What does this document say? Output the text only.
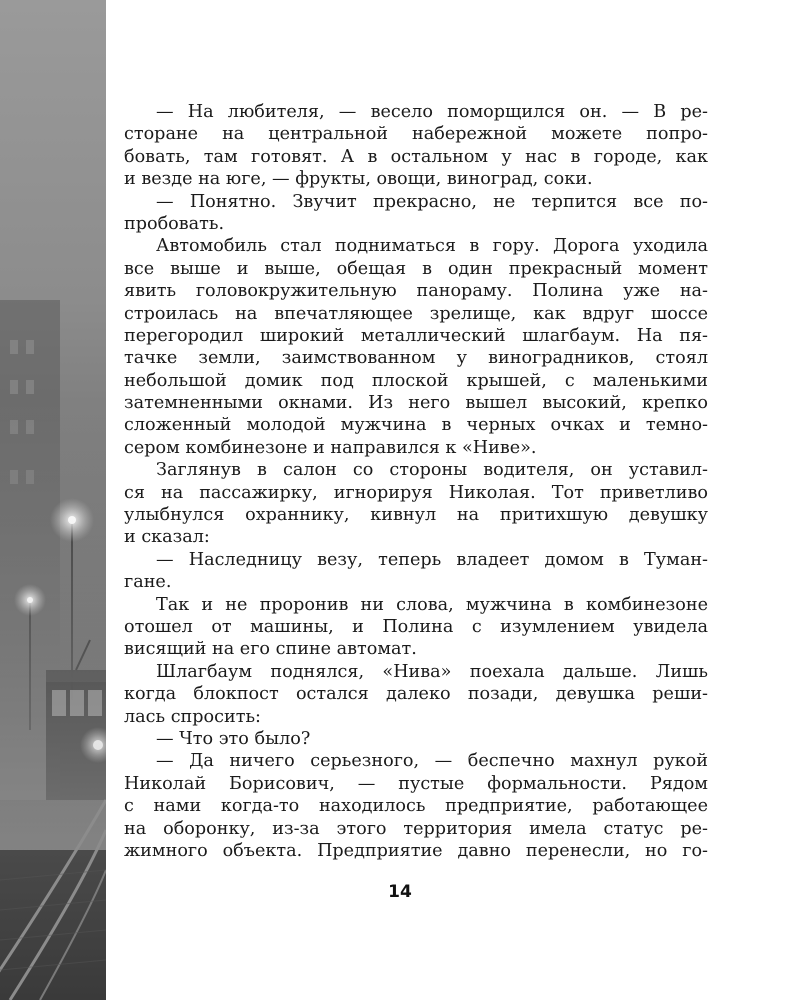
— На любителя, — весело поморщился он. — В ре-
сторане на центральной набережной можете попро-
бовать, там готовят. А в остальном у нас в городе, как
и везде на юге, — фрукты, овощи, виноград, соки.
— Понятно. Звучит прекрасно, не терпится все по-
пробовать.
Автомобиль стал подниматься в гору. Дорога уходила
все выше и выше, обещая в один прекрасный момент
явить головокружительную панораму. Полина уже на-
строилась на впечатляющее зрелище, как вдруг шоссе
перегородил широкий металлический шлагбаум. На пя-
тачке земли, заимствованном у виноградников, стоял
небольшой домик под плоской крышей, с маленькими
затемненными окнами. Из него вышел высокий, крепко
сложенный молодой мужчина в черных очках и темно-
сером комбинезоне и направился к «Ниве».
Заглянув в салон со стороны водителя, он уставил-
ся на пассажирку, игнорируя Николая. Тот приветливо
улыбнулся охраннику, кивнул на притихшую девушку
и сказал:
— Наследницу везу, теперь владеет домом в Туман-
гане.
Так и не проронив ни слова, мужчина в комбинезоне
отошел от машины, и Полина с изумлением увидела
висящий на его спине автомат.
Шлагбаум поднялся, «Нива» поехала дальше. Лишь
когда блокпост остался далеко позади, девушка реши-
лась спросить:
— Что это было?
— Да ничего серьезного, — беспечно махнул рукой
Николай Борисович, — пустые формальности. Рядом
с нами когда-то находилось предприятие, работающее
на оборонку, из-за этого территория имела статус ре-
жимного объекта. Предприятие давно перенесли, но го-
14
